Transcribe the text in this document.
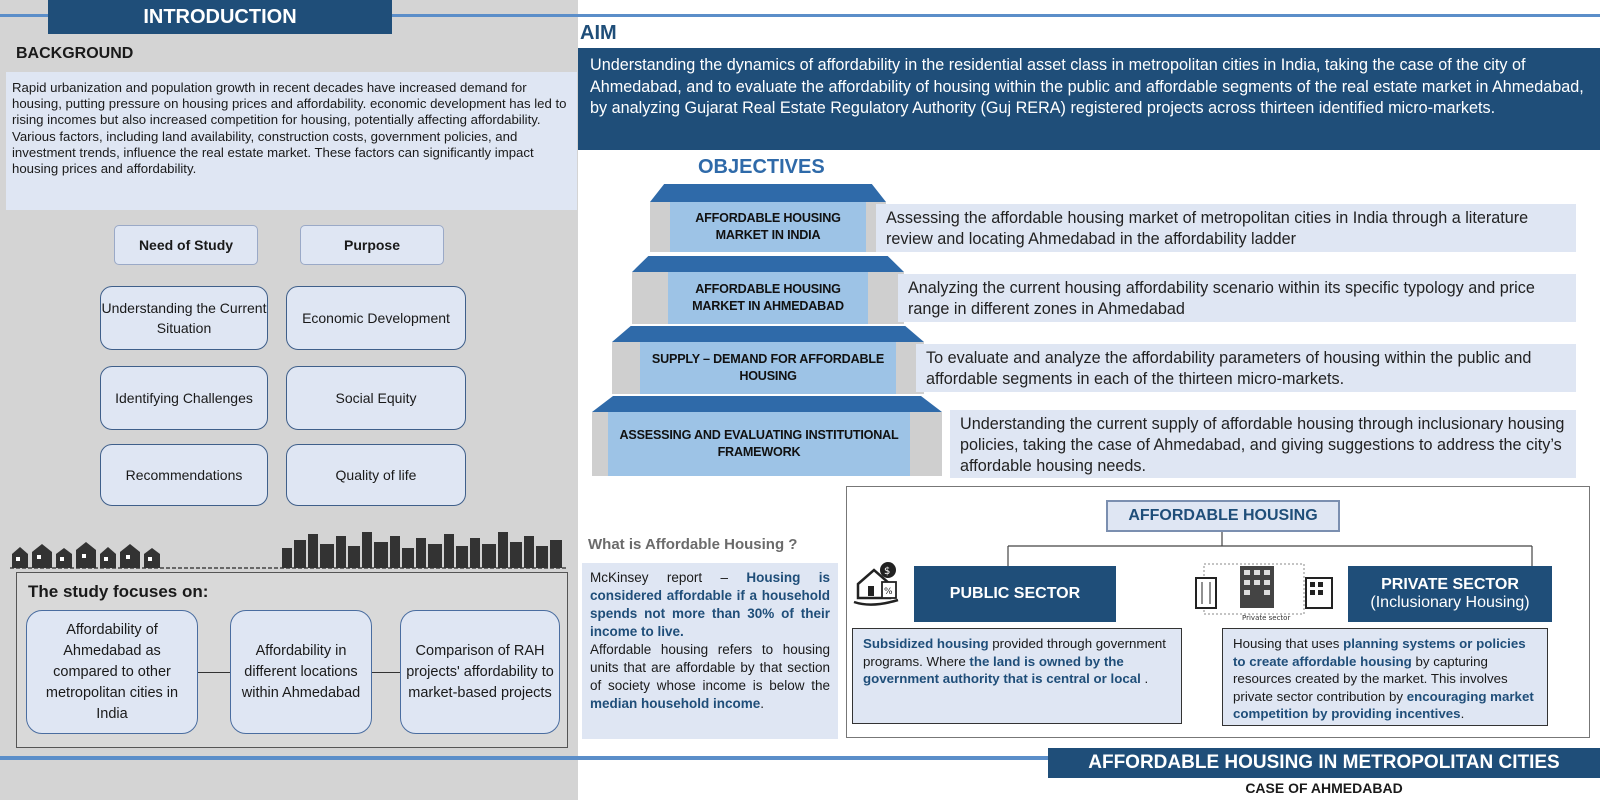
INTRODUCTION
BACKGROUND
Rapid urbanization and population growth in recent decades have increased demand for housing, putting pressure on housing prices and affordability. economic development has led to rising incomes but also increased competition for housing, potentially affecting affordability. Various factors, including land availability, construction costs, government policies, and investment trends, influence the real estate market. These factors can significantly impact housing prices and affordability.
Need of Study	Purpose
Understanding the Current Situation
Identifying Challenges
Recommendations
Economic Development
Social Equity
Quality of life
The study focuses on:
Affordability of Ahmedabad as compared to other metropolitan cities in India
Affordability in different locations within Ahmedabad
Comparison of RAH projects' affordability to market-based projects
AIM
Understanding the dynamics of affordability in the residential asset class in metropolitan cities in India, taking the case of the city of Ahmedabad, and to evaluate the affordability of housing within the public and affordable segments of the real estate market in Ahmedabad, by analyzing Gujarat Real Estate Regulatory Authority (Guj RERA) registered projects across thirteen identified micro-markets.
OBJECTIVES
AFFORDABLE HOUSING MARKET IN INDIA
Assessing the affordable housing market of metropolitan cities in India through a literature review and locating Ahmedabad in the affordability ladder
AFFORDABLE HOUSING MARKET IN AHMEDABAD
Analyzing the current housing affordability scenario within its specific typology and price range in different zones in Ahmedabad
SUPPLY – DEMAND FOR AFFORDABLE HOUSING
To evaluate and analyze the affordability parameters of housing within the public and affordable segments in each of the thirteen micro-markets.
ASSESSING AND EVALUATING INSTITUTIONAL FRAMEWORK
Understanding the current supply of affordable housing through inclusionary housing policies, taking the case of Ahmedabad, and giving suggestions to address the city’s affordable housing needs.
What is Affordable Housing ?
McKinsey report – Housing is considered affordable if a household spends not more than 30% of their income to live.
Affordable housing refers to housing units that are affordable by that section of society whose income is below the median household income.
AFFORDABLE HOUSING
$
%	PUBLIC SECTOR
Private sector
PRIVATE SECTOR
(Inclusionary Housing)
Subsidized housing provided through government programs. Where the land is owned by the government authority that is central or local .
Housing that uses planning systems or policies to create affordable housing by capturing resources created by the market. This involves private sector contribution by encouraging market competition by providing incentives.
AFFORDABLE HOUSING IN METROPOLITAN CITIES
CASE OF AHMEDABAD
